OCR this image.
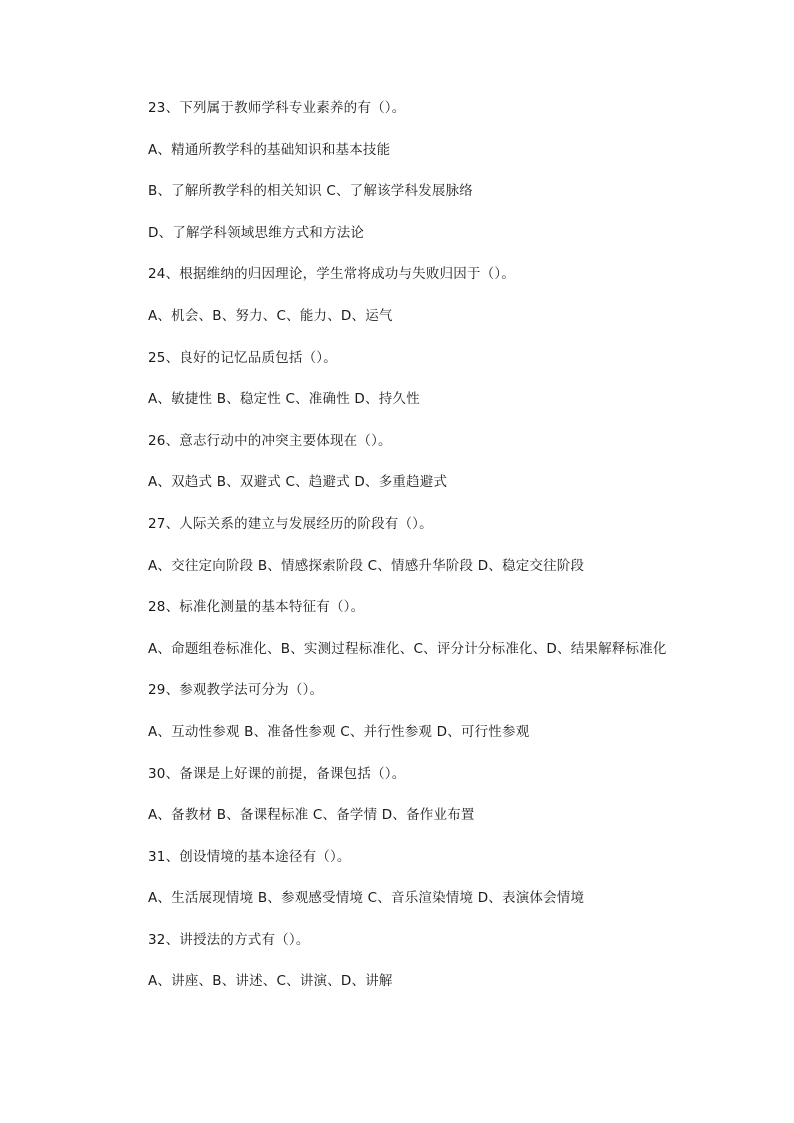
23、下列属于教师学科专业素养的有（）。
A、精通所教学科的基础知识和基本技能
B、了解所教学科的相关知识 C、了解该学科发展脉络
D、了解学科领域思维方式和方法论
24、根据维纳的归因理论，学生常将成功与失败归因于（）。
A、机会、B、努力、C、能力、D、运气
25、良好的记忆品质包括（）。
A、敏捷性 B、稳定性 C、准确性 D、持久性
26、意志行动中的冲突主要体现在（）。
A、双趋式 B、双避式 C、趋避式 D、多重趋避式
27、人际关系的建立与发展经历的阶段有（）。
A、交往定向阶段 B、情感探索阶段 C、情感升华阶段 D、稳定交往阶段
28、标准化测量的基本特征有（）。
A、命题组卷标准化、B、实测过程标准化、C、评分计分标准化、D、结果解释标准化
29、参观教学法可分为（）。
A、互动性参观 B、准备性参观 C、并行性参观 D、可行性参观
30、备课是上好课的前提，备课包括（）。
A、备教材 B、备课程标准 C、备学情 D、备作业布置
31、创设情境的基本途径有（）。
A、生活展现情境 B、参观感受情境 C、音乐渲染情境 D、表演体会情境
32、讲授法的方式有（）。
A、讲座、B、讲述、C、讲演、D、讲解
